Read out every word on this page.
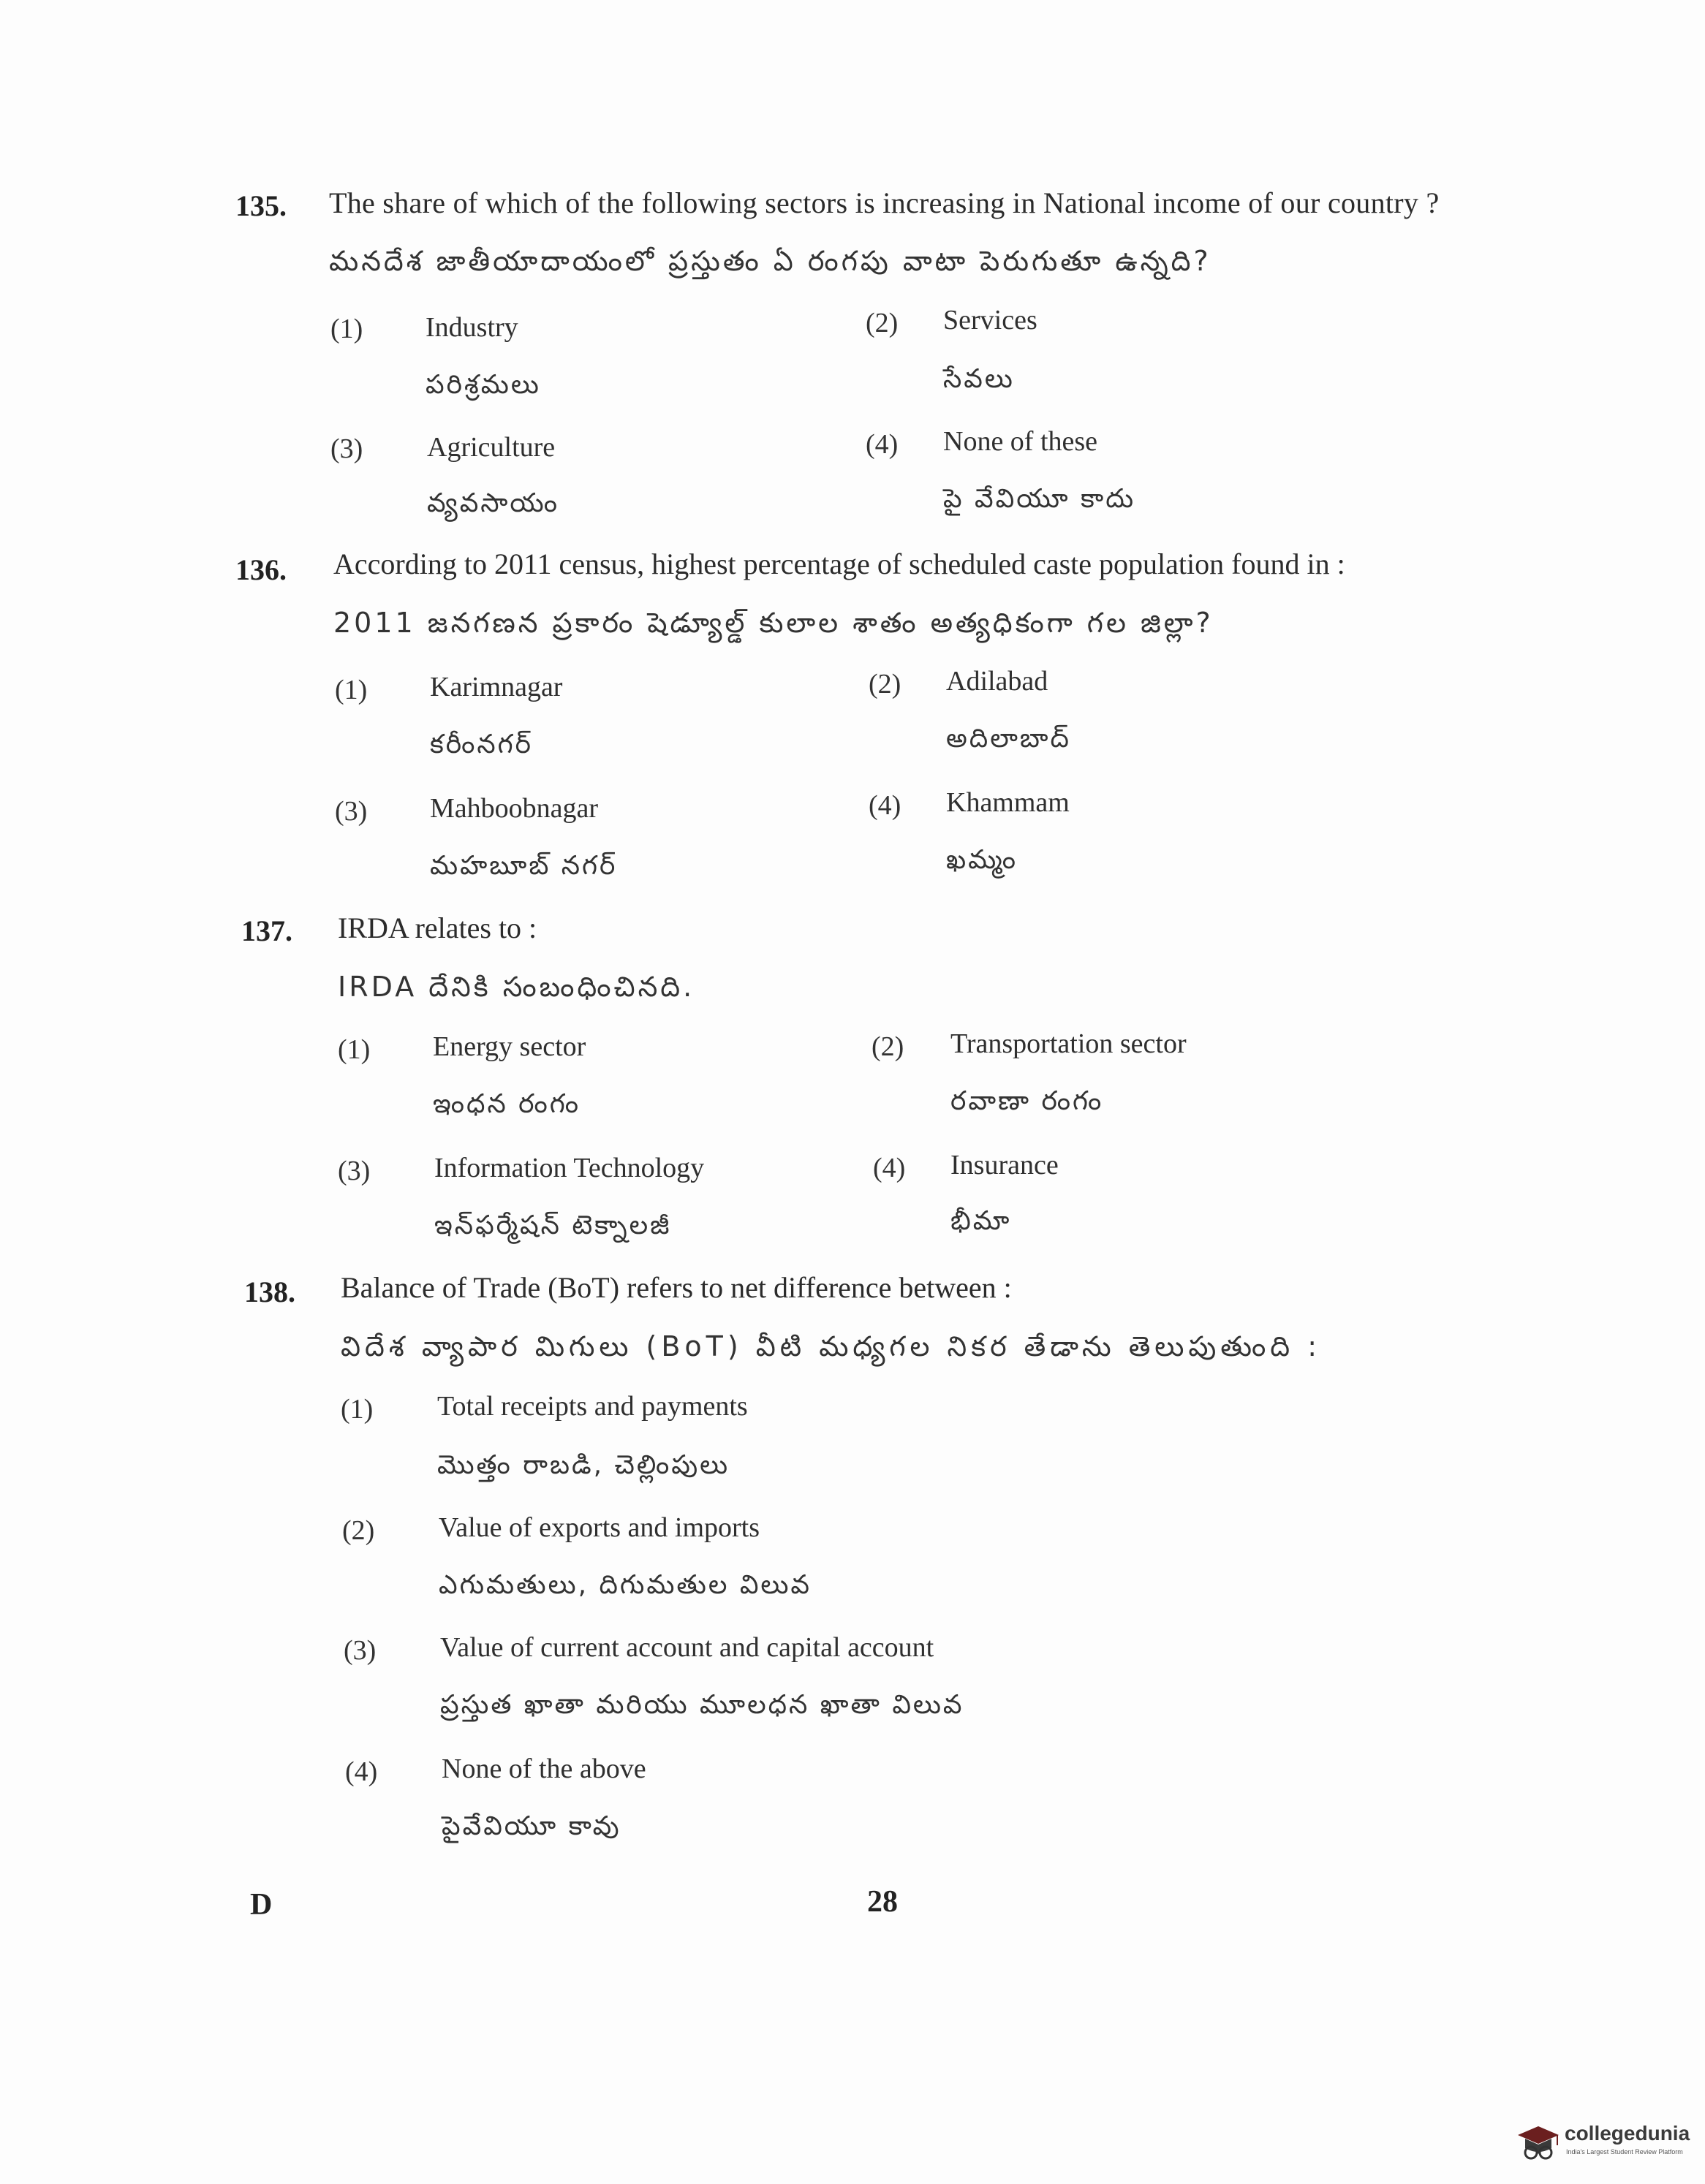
135. The share of which of the following sectors is increasing in National income of our country ?
మనదేశ జాతీయాదాయంలో ప్రస్తుతం ఏ రంగపు వాటా పెరుగుతూ ఉన్నది?
(1) Industry
పరిశ్రమలు
(2) Services
సేవలు
(3) Agriculture
వ్యవసాయం
(4) None of these
పై వేవియూ కాదు
136. According to 2011 census, highest percentage of scheduled caste population found in :
2011 జనగణన ప్రకారం షెడ్యూల్డ్ కులాల శాతం అత్యధికంగా గల జిల్లా?
(1) Karimnagar
కరీంనగర్
(2) Adilabad
అదిలాబాద్
(3) Mahboobnagar
మహబూబ్ నగర్
(4) Khammam
ఖమ్మం
137. IRDA relates to :
IRDA దేనికి సంబంధించినది.
(1) Energy sector
ఇంధన రంగం
(2) Transportation sector
రవాణా రంగం
(3) Information Technology
ఇన్‌ఫర్మేషన్ టెక్నాలజీ
(4) Insurance
భీమా
138. Balance of Trade (BoT) refers to net difference between :
విదేశ వ్యాపార మిగులు (BoT) వీటి మధ్యగల నికర తేడాను తెలుపుతుంది :
(1) Total receipts and payments
మొత్తం రాబడి, చెల్లింపులు
(2) Value of exports and imports
ఎగుమతులు, దిగుమతుల విలువ
(3) Value of current account and capital account
ప్రస్తుత ఖాతా మరియు మూలధన ఖాతా విలువ
(4) None of the above
పైవేవియూ కావు
D	28
collegedunia
India's Largest Student Review Platform
